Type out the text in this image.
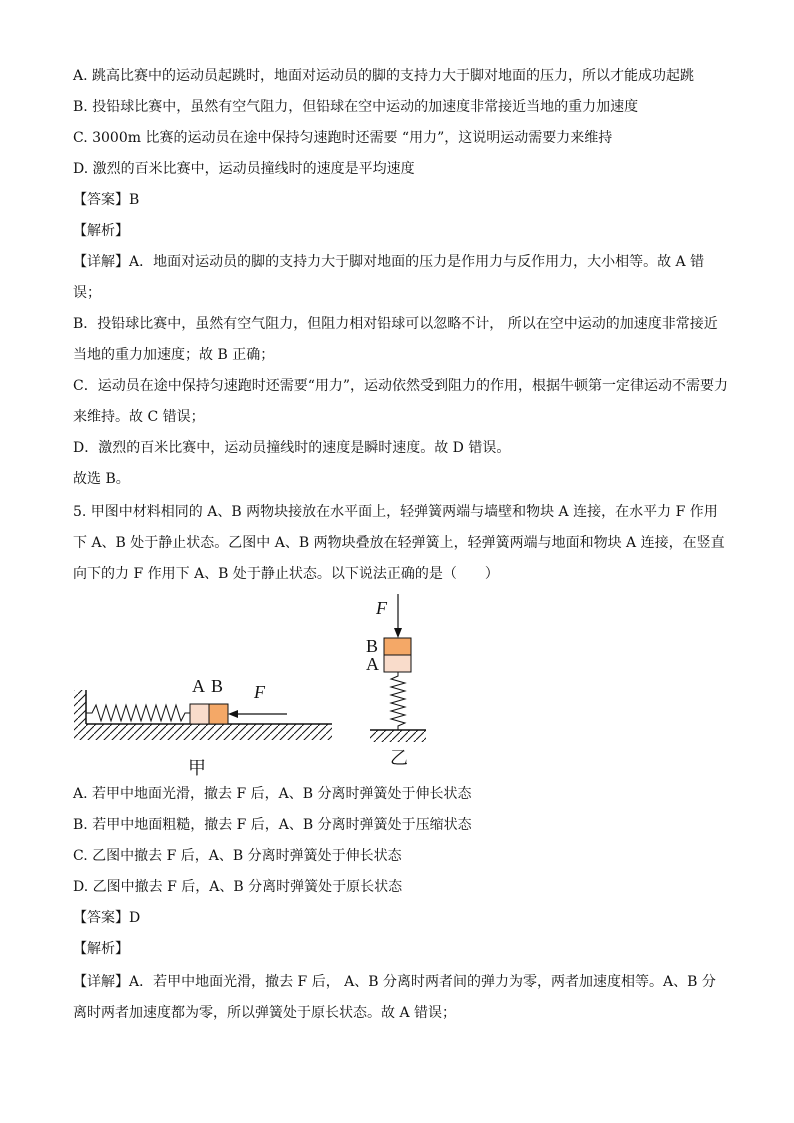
A. 跳高比赛中的运动员起跳时，地面对运动员的脚的支持力大于脚对地面的压力，所以才能成功起跳
B. 投铅球比赛中，虽然有空气阻力，但铅球在空中运动的加速度非常接近当地的重力加速度
C. 3000m 比赛的运动员在途中保持匀速跑时还需要 “用力”，这说明运动需要力来维持
D. 激烈的百米比赛中，运动员撞线时的速度是平均速度
【答案】B
【解析】
【详解】A．地面对运动员的脚的支持力大于脚对地面的压力是作用力与反作用力，大小相等。故 A 错
误；
B．投铅球比赛中，虽然有空气阻力，但阻力相对铅球可以忽略不计， 所以在空中运动的加速度非常接近
当地的重力加速度；故 B 正确；
C．运动员在途中保持匀速跑时还需要“用力”，运动依然受到阻力的作用，根据牛顿第一定律运动不需要力
来维持。故 C 错误；
D．激烈的百米比赛中，运动员撞线时的速度是瞬时速度。故 D 错误。
故选 B。
5. 甲图中材料相同的 A、B 两物块接放在水平面上，轻弹簧两端与墙壁和物块 A 连接，在水平力 F 作用
下 A、B 处于静止状态。乙图中 A、B 两物块叠放在轻弹簧上，轻弹簧两端与地面和物块 A 连接，在竖直
向下的力 F 作用下 A、B 处于静止状态。以下说法正确的是（　　）
A B F
甲
B
A
F
乙
A. 若甲中地面光滑，撤去 F 后，A、B 分离时弹簧处于伸长状态
B. 若甲中地面粗糙，撤去 F 后，A、B 分离时弹簧处于压缩状态
C. 乙图中撤去 F 后，A、B 分离时弹簧处于伸长状态
D. 乙图中撤去 F 后，A、B 分离时弹簧处于原长状态
【答案】D
【解析】
【详解】A．若甲中地面光滑，撤去 F 后， A、B 分离时两者间的弹力为零，两者加速度相等。A、B 分
离时两者加速度都为零，所以弹簧处于原长状态。故 A 错误；
